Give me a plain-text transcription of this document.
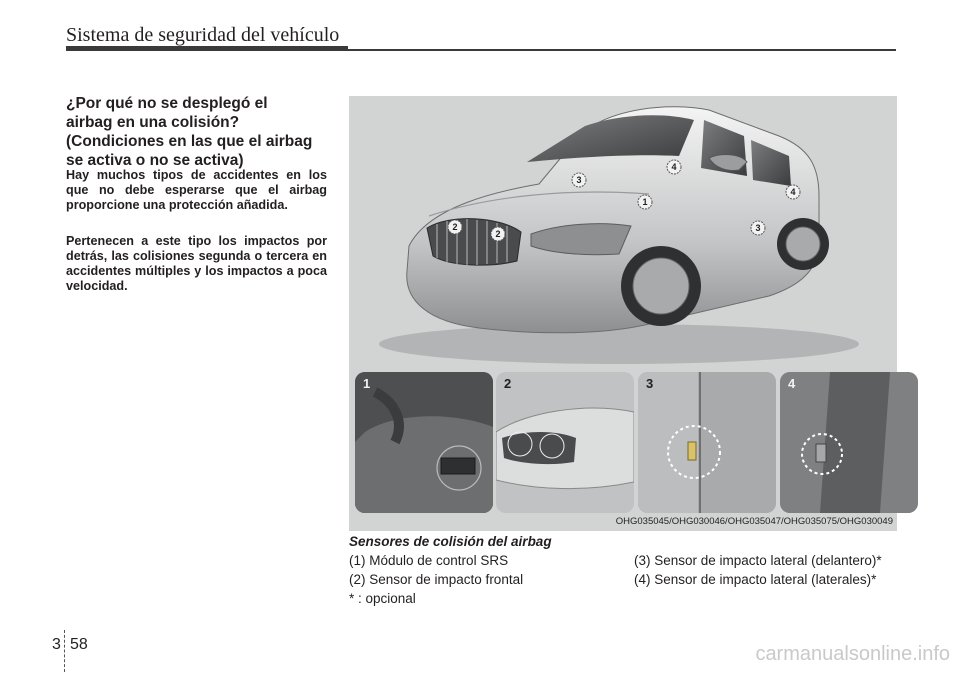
Sistema de seguridad del vehículo
¿Por qué no se desplegó el
airbag en una colisión?
(Condiciones en las que el airbag
se activa o no se activa)

Hay muchos tipos de accidentes en los que no debe esperarse que el airbag proporcione una protección añadida.

Pertenecen a este tipo los impactos por detrás, las colisiones segunda o tercera en accidentes múltiples y los impactos a poca velocidad.

1
2
2
3
3
4
4
1	2	3	4
OHG035045/OHG030046/OHG035047/OHG035075/OHG030049
Sensores de colisión del airbag
(1) Módulo de control SRS
(2) Sensor de impacto frontal
* : opcional
(3) Sensor de impacto lateral (delantero)*
(4) Sensor de impacto lateral (laterales)*
3 58	carmanualsonline.info
